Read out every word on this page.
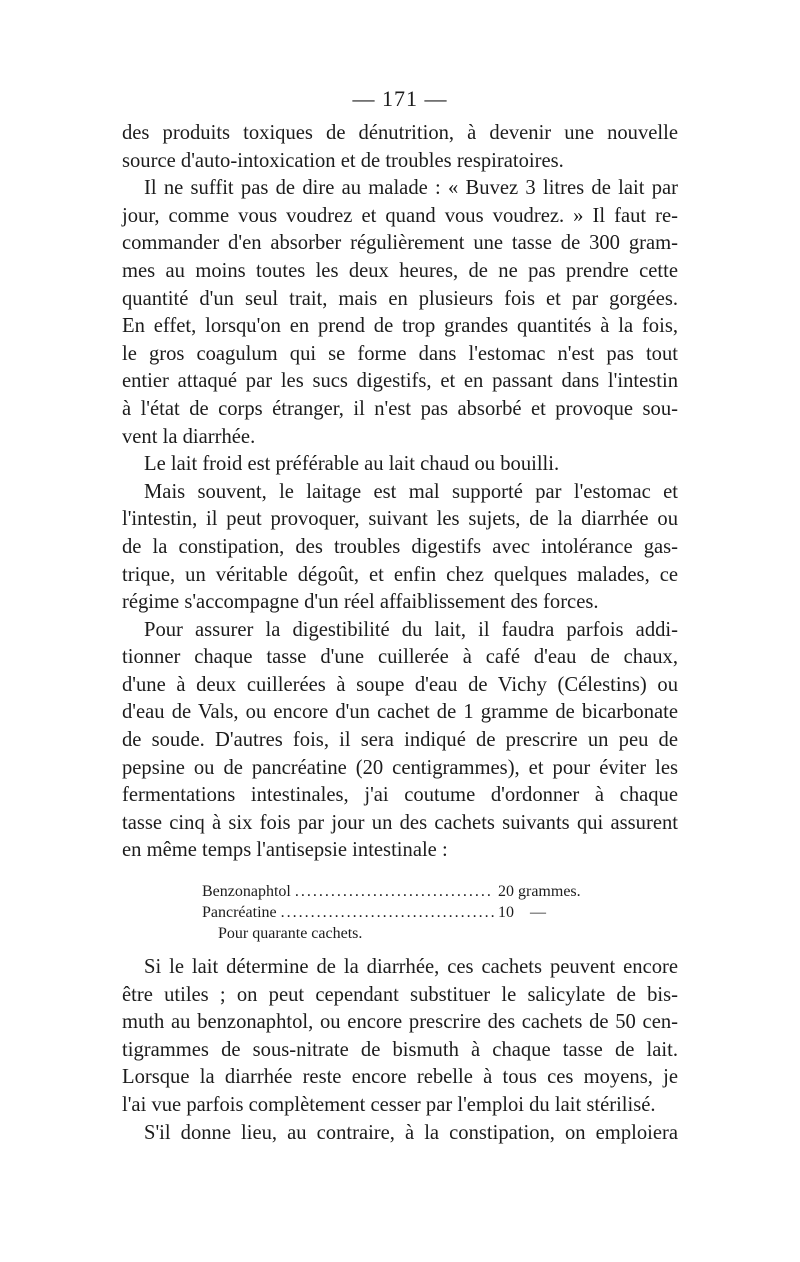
— 171 —

des produits toxiques de dénutrition, à devenir une nouvelle
source d'auto-intoxication et de troubles respiratoires.

Il ne suffit pas de dire au malade : « Buvez 3 litres de lait par
jour, comme vous voudrez et quand vous voudrez. » Il faut re-
commander d'en absorber régulièrement une tasse de 300 gram-
mes au moins toutes les deux heures, de ne pas prendre cette
quantité d'un seul trait, mais en plusieurs fois et par gorgées.
En effet, lorsqu'on en prend de trop grandes quantités à la fois,
le gros coagulum qui se forme dans l'estomac n'est pas tout
entier attaqué par les sucs digestifs, et en passant dans l'intestin
à l'état de corps étranger, il n'est pas absorbé et provoque sou-
vent la diarrhée.

Le lait froid est préférable au lait chaud ou bouilli.

Mais souvent, le laitage est mal supporté par l'estomac et
l'intestin, il peut provoquer, suivant les sujets, de la diarrhée ou
de la constipation, des troubles digestifs avec intolérance gas-
trique, un véritable dégoût, et enfin chez quelques malades, ce
régime s'accompagne d'un réel affaiblissement des forces.

Pour assurer la digestibilité du lait, il faudra parfois addi-
tionner chaque tasse d'une cuillerée à café d'eau de chaux,
d'une à deux cuillerées à soupe d'eau de Vichy (Célestins) ou
d'eau de Vals, ou encore d'un cachet de 1 gramme de bicarbonate
de soude. D'autres fois, il sera indiqué de prescrire un peu de
pepsine ou de pancréatine (20 centigrammes), et pour éviter les
fermentations intestinales, j'ai coutume d'ordonner à chaque
tasse cinq à six fois par jour un des cachets suivants qui assurent
en même temps l'antisepsie intestinale :

Benzonaphtol .....	20 grammes.
Pancréatine .....	10    —
Pour quarante cachets.

Si le lait détermine de la diarrhée, ces cachets peuvent encore
être utiles ; on peut cependant substituer le salicylate de bis-
muth au benzonaphtol, ou encore prescrire des cachets de 50 cen-
tigrammes de sous-nitrate de bismuth à chaque tasse de lait.
Lorsque la diarrhée reste encore rebelle à tous ces moyens, je
l'ai vue parfois complètement cesser par l'emploi du lait stérilisé.

S'il donne lieu, au contraire, à la constipation, on emploiera
